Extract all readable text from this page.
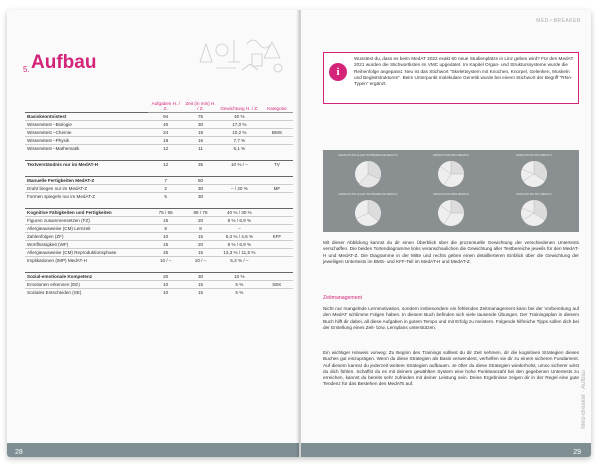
5. Aufbau
	Aufgaben H. / Z.	Zeit (in min) H. / Z.	Gewichtung H. / Z.	Kategorie
Basiskenntnistest	94	75	40 %	
Wissenstest –Biologie	40	30	17,0 %	
Wissenstest –Chemie	24	18	10,2 %	BMS
Wissenstest –Physik	18	16	7,7 %	
Wissenstest –Mathematik	12	11	5,1 %	

Textverständnis nur im MedAT-H	12	35	10 % / –	TV

Manuelle Fertigkeiten MedAT-Z	7	60		
Draht biegen nur im MedAT-Z	2	30	– / 20 %	MF
Formen spiegeln nur im MedAT-Z	5	30		

Kognitive Fähigkeiten und Fertigkeiten	75 / 65	88 / 78	40 % / 30 %	
Figuren zusammensetzen (FZ)	15	20	8 % / 6,9 %	
Allergieausweise (CM) Lernzeit	8	8	–	
Zahlenfolgen (ZF)	10	15	5,3 % / 4,6 %	KFF
Wortflüssigkeit (WF)	15	20	8 % / 6,9 %	
Allergieausweise (CM) Reproduktionsphase	25	15	13,3 % / 11,5 %	
Implikationen (IMP) MedAT-H	10 / –	10 / –	5,3 % / –	

Sozial-emotionale Kompetenz	20	30	10 %	
Emotionen erkennen (EE)	10	15	5 %	SEK
Soziales Entscheiden (SE)	10	15	5 %	
28
MED✓BREAKER
i
Wusstest du, dass es beim MedAT 2022 exakt 60 neue Studienplätze in Linz geben wird? Für den MedAT 2021 wurden die Stichwortlisten im VMC upgedatet. Im Kapitel Organ- und Strukturssysteme wurde die Reihenfolge angepasst. Neu ist das Stichwort "Skelettsystem mit Knochen, Knorpel, Gelenken, Muskeln und Begleitstrukturen". Beim Unterpunkt molekulare Genetik wurde bei einem Stichwort der Begriff "RNA-Typen" ergänzt.
GEWICHTUNG ALLER TESTBEREICHE MEDAT-H	GEWICHTUNG BMS MEDAT-H	GEWICHTUNG KFF MEDAT-H
GEWICHTUNG ALLER TESTBEREICHE MEDAT-Z	GEWICHTUNG BMS MEDAT-Z	GEWICHTUNG KFF MEDAT-Z
Mit dieser Abbildung kannst du dir einen Überblick über die prozentuelle Gewichtung der verschiedenen Untertests verschaffen. Die beiden Tortendiagramme links veranschaulichen die Gewichtung aller Testbereiche jeweils für den MedAT-H und MedAT-Z. Die Diagramme in der Mitte und rechts geben einen detaillierteren Einblick über die Gewichtung der jeweiligen Untertests im BMS- und KFF-Teil im MedAT-H und MedAT-Z.
Zeitmanagement
Nicht nur mangelnde Lernmotivation, sondern insbesondere ein fehlendes Zeitmanagement kann bei der Vorbereitung auf den MedAT schlimme Folgen haben. In diesem Buch befinden sich viele tausende Übungen. Der Trainingsplan in diesem Buch hilft dir dabei, all diese Aufgaben in gutem Tempo und mit Erfolg zu meistern. Folgende hilfreiche Tipps sollen dich bei der Erstellung eines Zeit- bzw. Lernplans unterstützen.
Ein wichtiger Hinweis vorweg: Zu Beginn des Trainings solltest du dir Zeit nehmen, dir die kognitiven Strategien dieses Buches gut einzuprägen. Wenn du diese Strategien als Basis verwendest, verhelfen sie dir zu einem sicheren Fundament. Auf diesem kannst du jederzeit weitere Strategien aufbauen. Je öfter du diese Strategien wiederholst, umso sicherer wirst du dich fühlen. Schaffst du es mit deinem gewählten System eine hohe Punkteanzahl bei den gegebenen Untertests zu erreichen, kannst du bereits sehr zufrieden mit deiner Leistung sein. Deine Ergebnisse zeigen dir in der Regel eine gute Tendenz für das Bestehen des MedATs auf.	Med-Breaker · Aufbau
29
